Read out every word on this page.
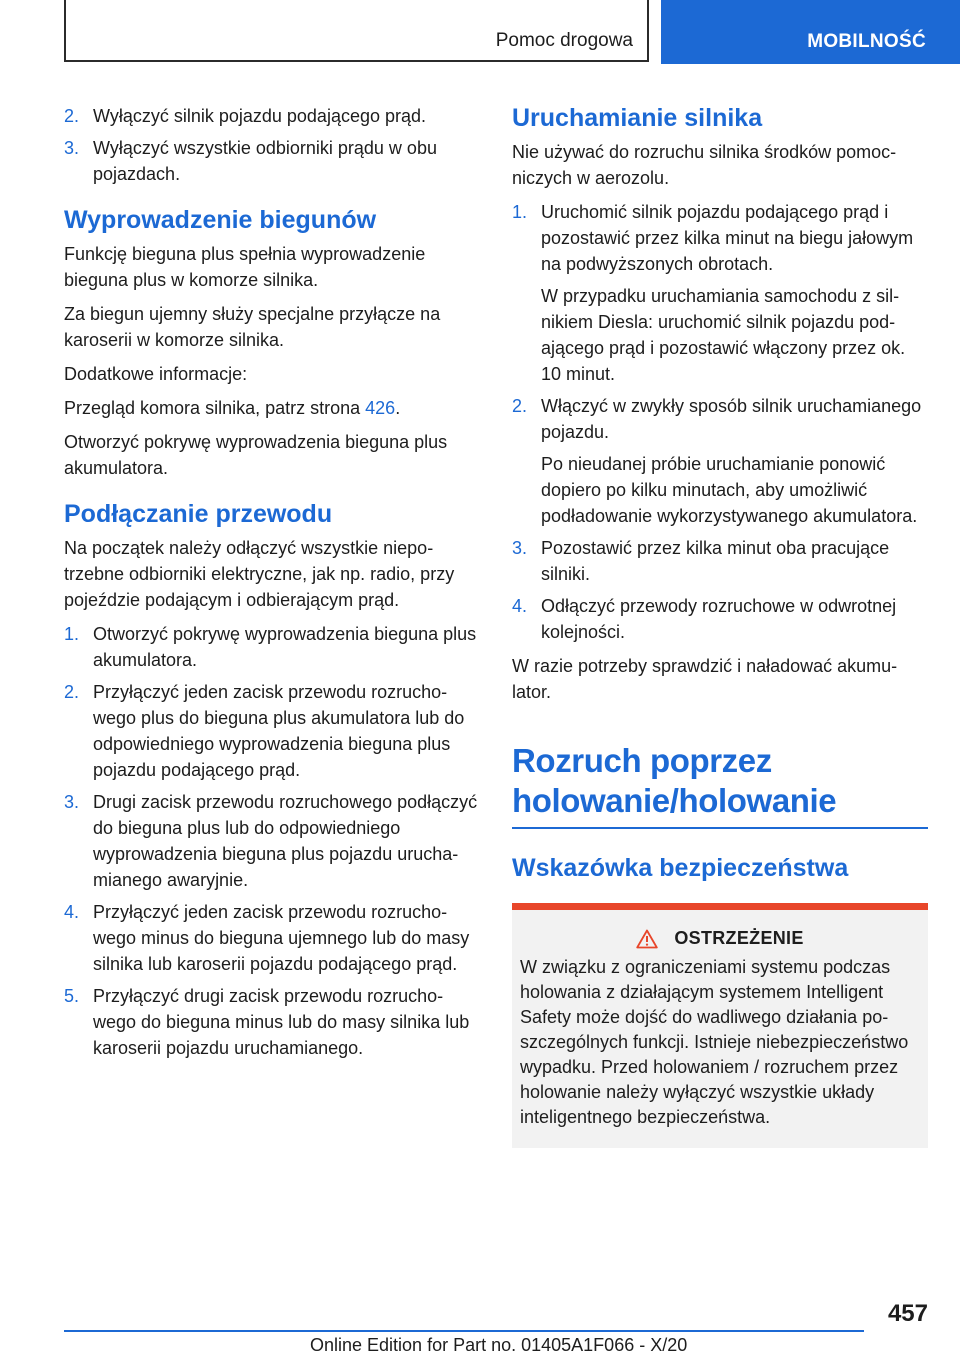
Pomoc drogowa	MOBILNOŚĆ
2. Wyłączyć silnik pojazdu podającego prąd.
3. Wyłączyć wszystkie odbiorniki prądu w obu pojazdach.
Wyprowadzenie biegunów

Funkcję bieguna plus spełnia wyprowadzenie bieguna plus w komorze silnika.

Za biegun ujemny służy specjalne przyłącze na karoserii w komorze silnika.

Dodatkowe informacje:

Przegląd komora silnika, patrz strona 426.

Otworzyć pokrywę wyprowadzenia bieguna plus akumulatora.

Podłączanie przewodu

Na początek należy odłączyć wszystkie niepotrzebne odbiorniki elektryczne, jak np. radio, przy pojeździe podającym i odbierającym prąd.

1. Otworzyć pokrywę wyprowadzenia bieguna plus akumulatora.
2. Przyłączyć jeden zacisk przewodu rozruchowego plus do bieguna plus akumulatora lub do odpowiedniego wyprowadzenia bieguna plus pojazdu podającego prąd.
3. Drugi zacisk przewodu rozruchowego podłączyć do bieguna plus lub do odpowiedniego wyprowadzenia bieguna plus pojazdu uruchamianego awaryjnie.
4. Przyłączyć jeden zacisk przewodu rozruchowego minus do bieguna ujemnego lub do masy silnika lub karoserii pojazdu podającego prąd.
5. Przyłączyć drugi zacisk przewodu rozruchowego do bieguna minus lub do masy silnika lub karoserii pojazdu uruchamianego.
Uruchamianie silnika

Nie używać do rozruchu silnika środków pomocniczych w aerozolu.

1. Uruchomić silnik pojazdu podającego prąd i pozostawić przez kilka minut na biegu jałowym na podwyższonych obrotach.

W przypadku uruchamiania samochodu z silnikiem Diesla: uruchomić silnik pojazdu podającego prąd i pozostawić włączony przez ok. 10 minut.

2. Włączyć w zwykły sposób silnik uruchamianego pojazdu.

Po nieudanej próbie uruchamianie ponowić dopiero po kilku minutach, aby umożliwić podładowanie wykorzystywanego akumulatora.

3. Pozostawić przez kilka minut oba pracujące silniki.
4. Odłączyć przewody rozruchowe w odwrotnej kolejności.

W razie potrzeby sprawdzić i naładować akumulator.

Rozruch poprzez holowanie/holowanie
Wskazówka bezpieczeństwa
OSTRZEŻENIE

W związku z ograniczeniami systemu podczas holowania z działającym systemem Intelligent Safety może dojść do wadliwego działania poszczególnych funkcji. Istnieje niebezpieczeństwo wypadku. Przed holowaniem / rozruchem przez holowanie należy wyłączyć wszystkie układy inteligentnego bezpieczeństwa.

457
Online Edition for Part no. 01405A1F066 - X/20
